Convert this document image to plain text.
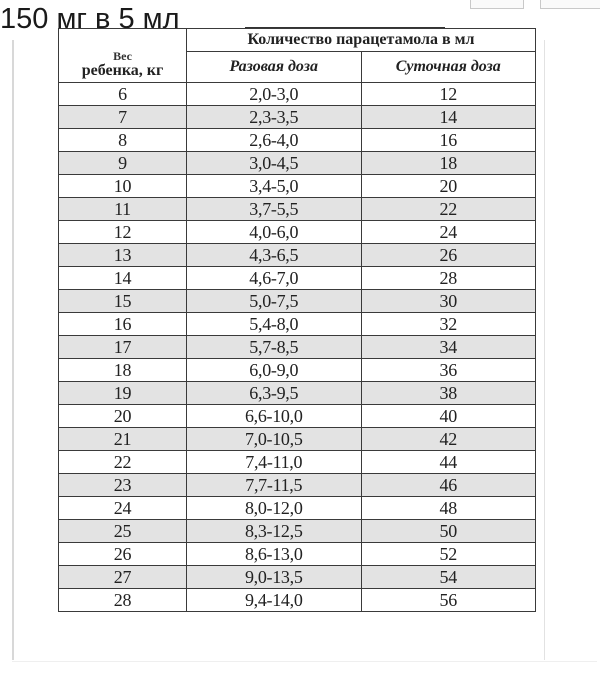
150 мг в 5 мл
Вес
ребенка, кг	Количество парацетамола в мл	
	Разовая доза	Суточная доза
6	2,0-3,0	12
7	2,3-3,5	14
8	2,6-4,0	16
9	3,0-4,5	18
10	3,4-5,0	20
11	3,7-5,5	22
12	4,0-6,0	24
13	4,3-6,5	26
14	4,6-7,0	28
15	5,0-7,5	30
16	5,4-8,0	32
17	5,7-8,5	34
18	6,0-9,0	36
19	6,3-9,5	38
20	6,6-10,0	40
21	7,0-10,5	42
22	7,4-11,0	44
23	7,7-11,5	46
24	8,0-12,0	48
25	8,3-12,5	50
26	8,6-13,0	52
27	9,0-13,5	54
28	9,4-14,0	56
